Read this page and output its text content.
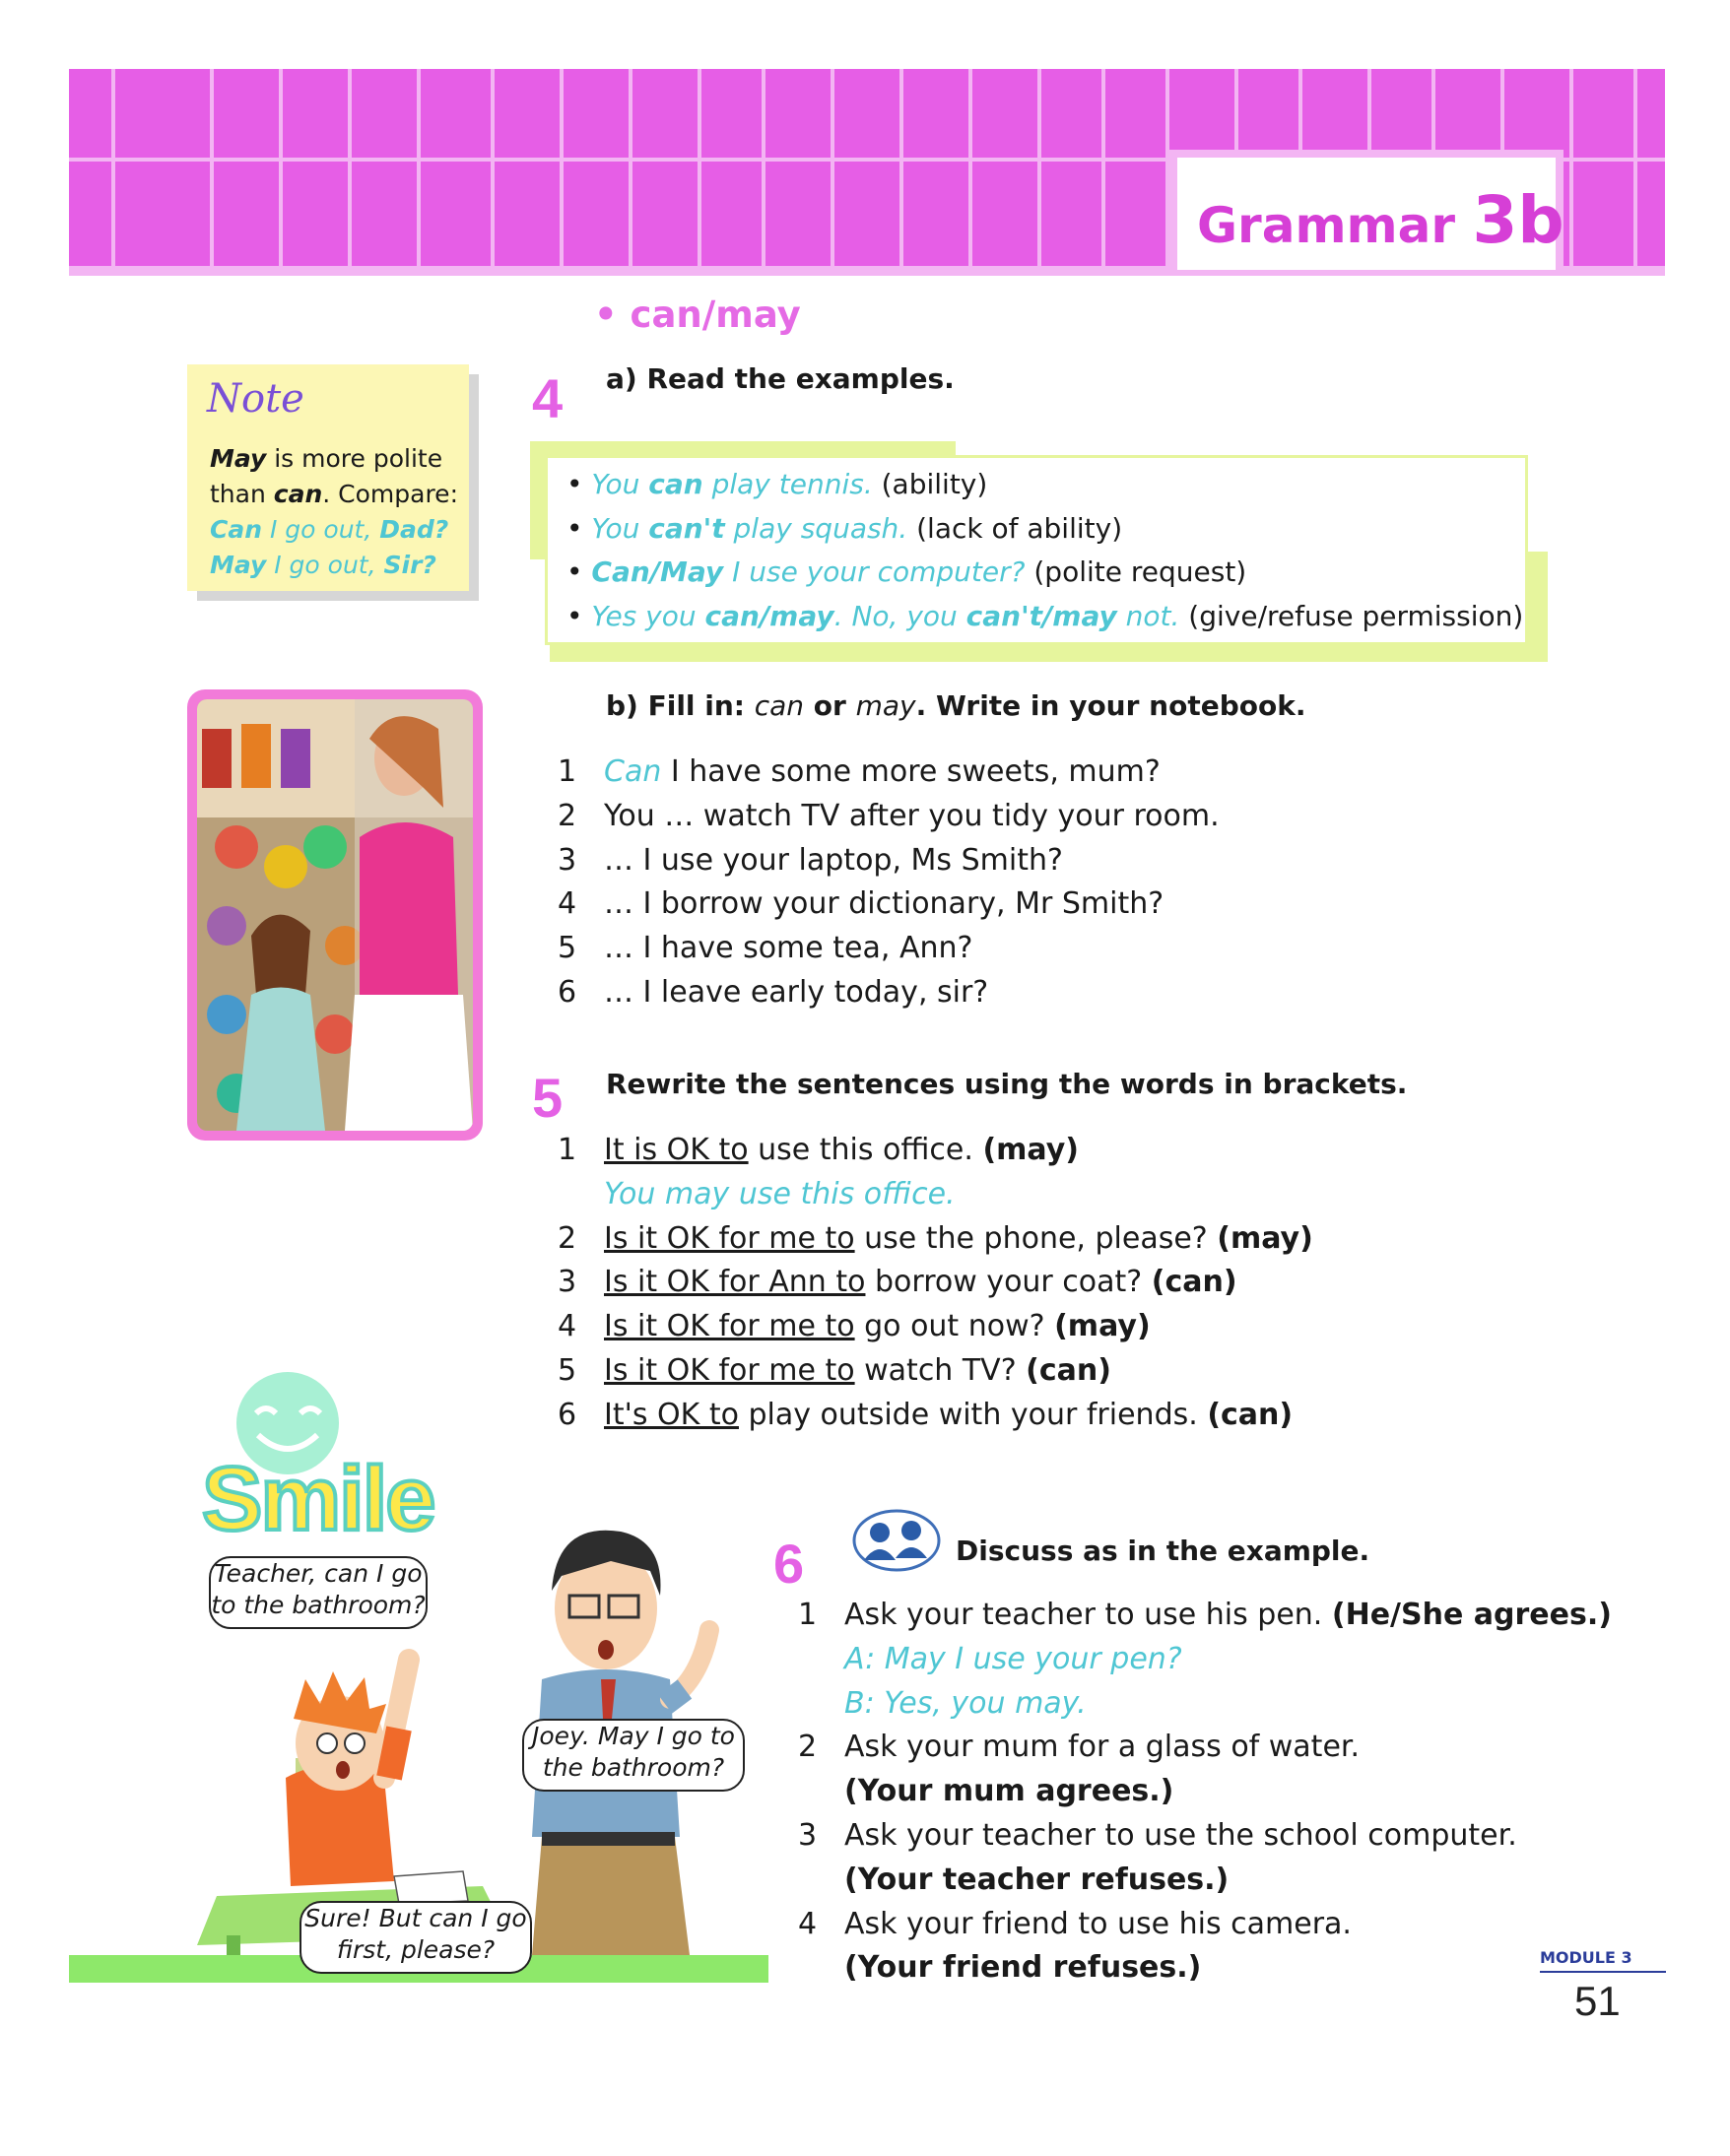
Grammar 3b
• can/may
Note
May is more polite
than can. Compare:
Can I go out, Dad?
May I go out, Sir?
4 a) Read the examples.
• You can play tennis. (ability)
• You can't play squash. (lack of ability)
• Can/May I use your computer? (polite request)
• Yes you can/may. No, you can't/may not. (give/refuse permission)
b) Fill in: can or may. Write in your notebook.
1 Can I have some more sweets, mum?
2 You … watch TV after you tidy your room.
3 … I use your laptop, Ms Smith?
4 … I borrow your dictionary, Mr Smith?
5 … I have some tea, Ann?
6 … I leave early today, sir?
5 Rewrite the sentences using the words in brackets.
1 It is OK to use this office. (may)
You may use this office.
2 Is it OK for me to use the phone, please? (may)
3 Is it OK for Ann to borrow your coat? (can)
4 Is it OK for me to go out now? (may)
5 Is it OK for me to watch TV? (can)
6 It's OK to play outside with your friends. (can)
Smile
Teacher, can I go to the bathroom?
Joey. May I go to the bathroom?
Sure! But can I go first, please?
6	Discuss as in the example.
1 Ask your teacher to use his pen. (He/She agrees.)
A: May I use your pen?
B: Yes, you may.
2 Ask your mum for a glass of water.
(Your mum agrees.)
3 Ask your teacher to use the school computer.
(Your teacher refuses.)
4 Ask your friend to use his camera.
(Your friend refuses.)	MODULE 3
51
